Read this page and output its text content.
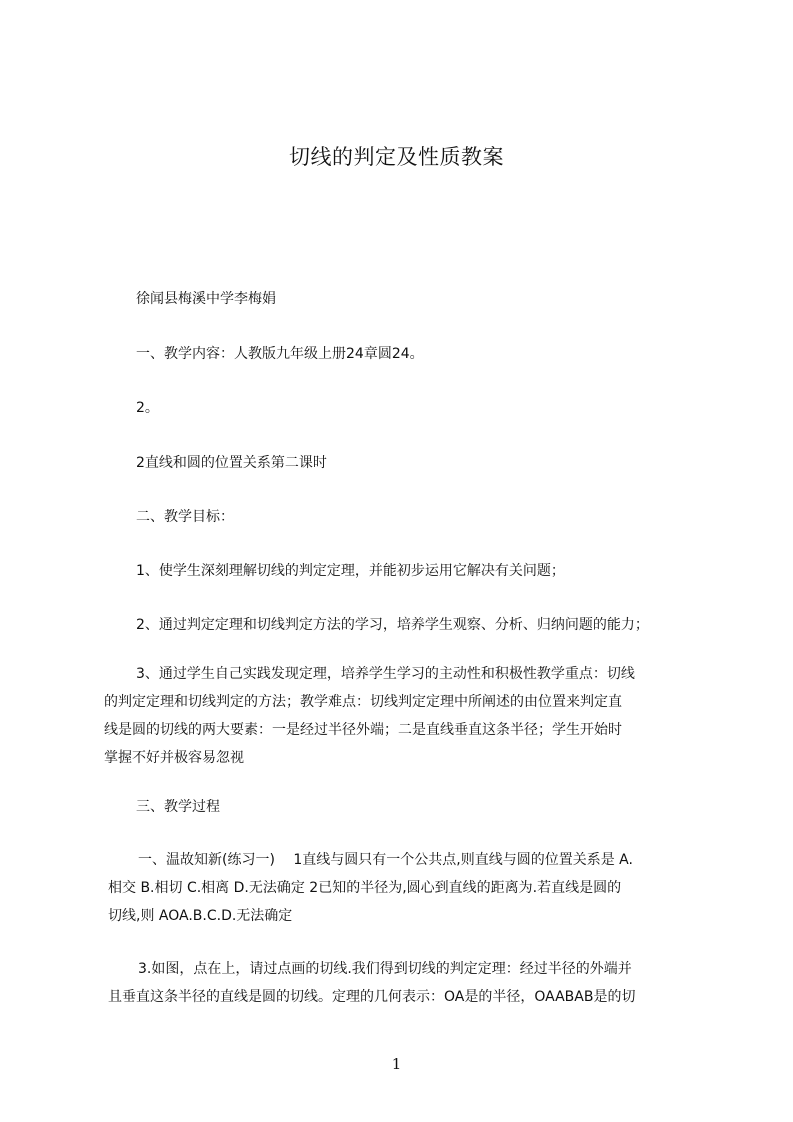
切线的判定及性质教案
徐闻县梅溪中学李梅娟
一、教学内容：人教版九年级上册24章圆24。
2。
2直线和圆的位置关系第二课时
二、教学目标：
1、使学生深刻理解切线的判定定理，并能初步运用它解决有关问题；
2、通过判定定理和切线判定方法的学习，培养学生观察、分析、归纳问题的能力；
3、通过学生自己实践发现定理，培养学生学习的主动性和积极性教学重点：切线
的判定定理和切线判定的方法；教学难点：切线判定定理中所阐述的由位置来判定直
线是圆的切线的两大要素：一是经过半径外端；二是直线垂直这条半径；学生开始时
掌握不好并极容易忽视
三、教学过程
一、温故知新(练习一)　 1直线与圆只有一个公共点,则直线与圆的位置关系是 A.
相交 B.相切 C.相离 D.无法确定 2已知的半径为,圆心到直线的距离为.若直线是圆的
切线,则 AOA.B.C.D.无法确定
3.如图，点在上，请过点画的切线.我们得到切线的判定定理：经过半径的外端并
且垂直这条半径的直线是圆的切线。定理的几何表示：OA是的半径，OAABAB是的切
1
